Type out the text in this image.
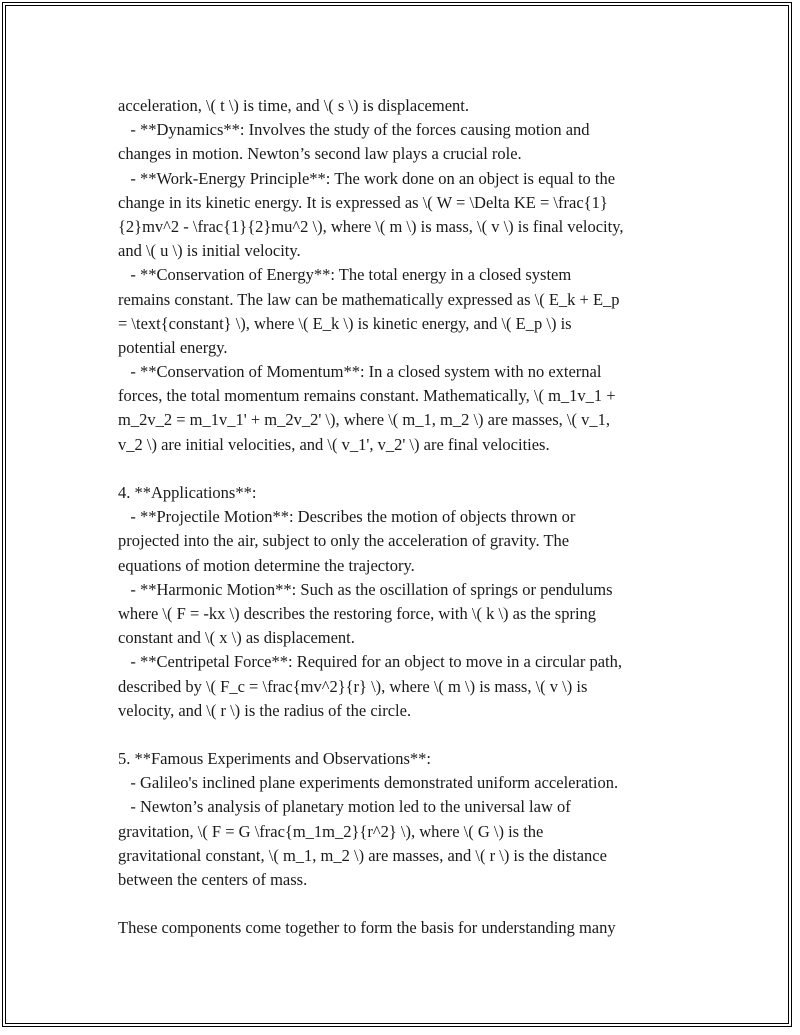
acceleration, \( t \) is time, and \( s \) is displacement.
- **Dynamics**: Involves the study of the forces causing motion and
changes in motion. Newton’s second law plays a crucial role.
- **Work-Energy Principle**: The work done on an object is equal to the
change in its kinetic energy. It is expressed as \( W = \Delta KE = \frac{1}
{2}mv^2 - \frac{1}{2}mu^2 \), where \( m \) is mass, \( v \) is final velocity,
and \( u \) is initial velocity.
- **Conservation of Energy**: The total energy in a closed system
remains constant. The law can be mathematically expressed as \( E_k + E_p
= \text{constant} \), where \( E_k \) is kinetic energy, and \( E_p \) is
potential energy.
- **Conservation of Momentum**: In a closed system with no external
forces, the total momentum remains constant. Mathematically, \( m_1v_1 +
m_2v_2 = m_1v_1' + m_2v_2' \), where \( m_1, m_2 \) are masses, \( v_1,
v_2 \) are initial velocities, and \( v_1', v_2' \) are final velocities.
4. **Applications**:
- **Projectile Motion**: Describes the motion of objects thrown or
projected into the air, subject to only the acceleration of gravity. The
equations of motion determine the trajectory.
- **Harmonic Motion**: Such as the oscillation of springs or pendulums
where \( F = -kx \) describes the restoring force, with \( k \) as the spring
constant and \( x \) as displacement.
- **Centripetal Force**: Required for an object to move in a circular path,
described by \( F_c = \frac{mv^2}{r} \), where \( m \) is mass, \( v \) is
velocity, and \( r \) is the radius of the circle.
5. **Famous Experiments and Observations**:
- Galileo's inclined plane experiments demonstrated uniform acceleration.
- Newton’s analysis of planetary motion led to the universal law of
gravitation, \( F = G \frac{m_1m_2}{r^2} \), where \( G \) is the
gravitational constant, \( m_1, m_2 \) are masses, and \( r \) is the distance
between the centers of mass.
These components come together to form the basis for understanding many
